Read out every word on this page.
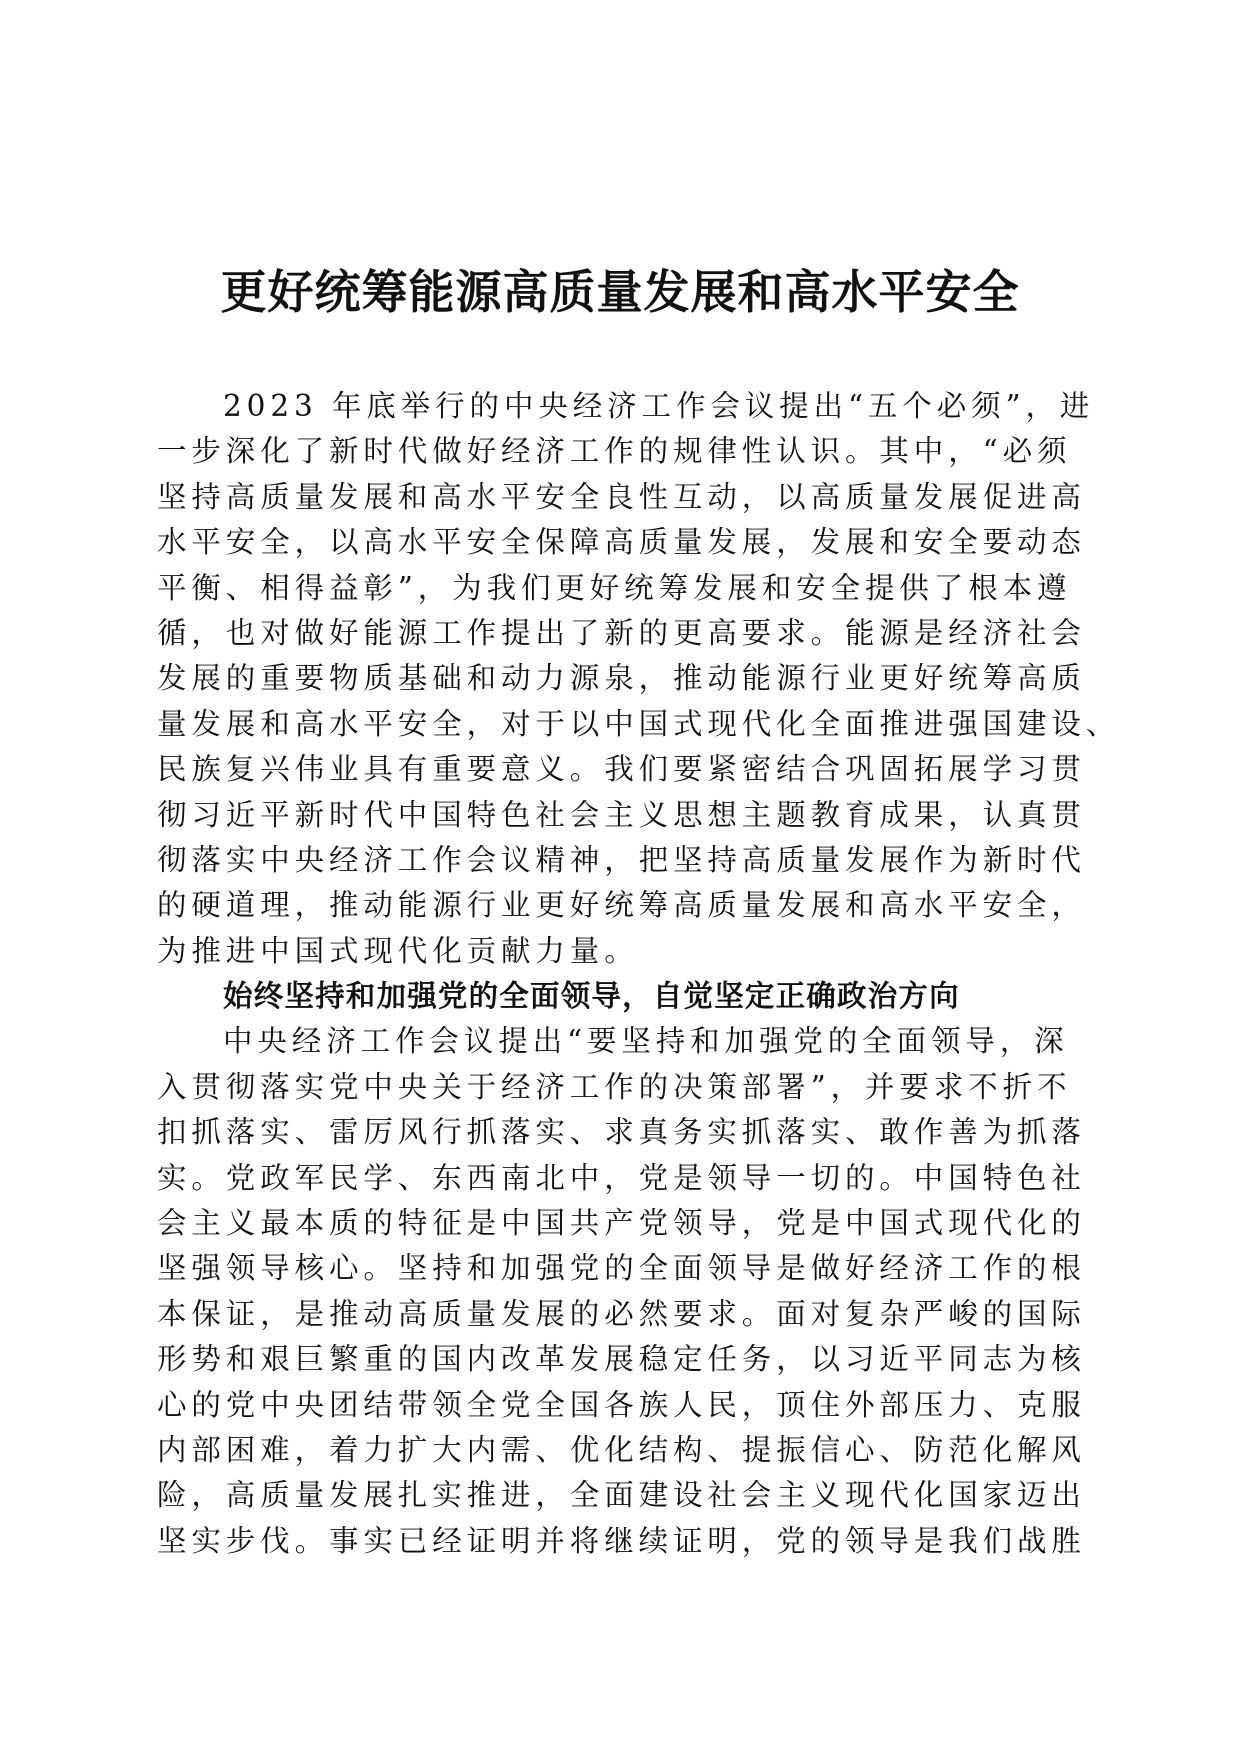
更好统筹能源高质量发展和高水平安全
2023 年底举行的中央经济工作会议提出“五个必须”，进
一步深化了新时代做好经济工作的规律性认识。其中，“必须
坚持高质量发展和高水平安全良性互动，以高质量发展促进高
水平安全，以高水平安全保障高质量发展，发展和安全要动态
平衡、相得益彰”，为我们更好统筹发展和安全提供了根本遵
循，也对做好能源工作提出了新的更高要求。能源是经济社会
发展的重要物质基础和动力源泉，推动能源行业更好统筹高质
量发展和高水平安全，对于以中国式现代化全面推进强国建设、
民族复兴伟业具有重要意义。我们要紧密结合巩固拓展学习贯
彻习近平新时代中国特色社会主义思想主题教育成果，认真贯
彻落实中央经济工作会议精神，把坚持高质量发展作为新时代
的硬道理，推动能源行业更好统筹高质量发展和高水平安全，
为推进中国式现代化贡献力量。
始终坚持和加强党的全面领导，自觉坚定正确政治方向
中央经济工作会议提出“要坚持和加强党的全面领导，深
入贯彻落实党中央关于经济工作的决策部署”，并要求不折不
扣抓落实、雷厉风行抓落实、求真务实抓落实、敢作善为抓落
实。党政军民学、东西南北中，党是领导一切的。中国特色社
会主义最本质的特征是中国共产党领导，党是中国式现代化的
坚强领导核心。坚持和加强党的全面领导是做好经济工作的根
本保证，是推动高质量发展的必然要求。面对复杂严峻的国际
形势和艰巨繁重的国内改革发展稳定任务，以习近平同志为核
心的党中央团结带领全党全国各族人民，顶住外部压力、克服
内部困难，着力扩大内需、优化结构、提振信心、防范化解风
险，高质量发展扎实推进，全面建设社会主义现代化国家迈出
坚实步伐。事实已经证明并将继续证明，党的领导是我们战胜
